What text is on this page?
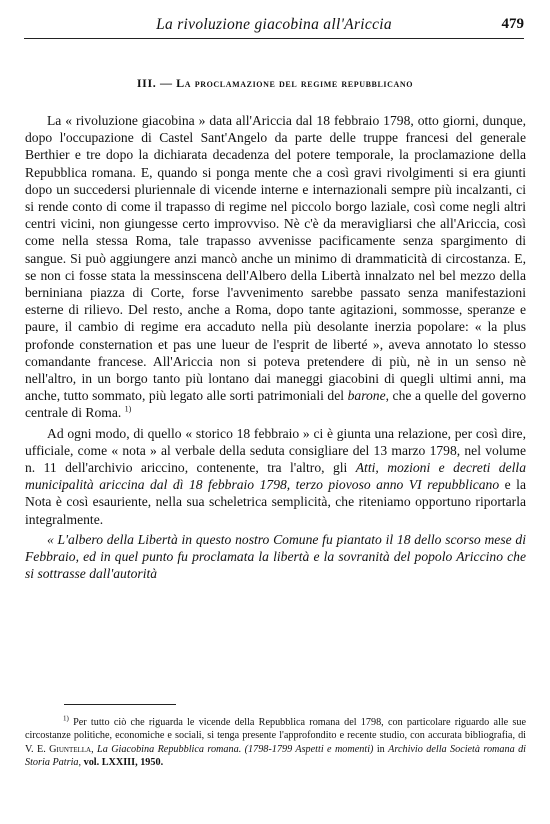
La rivoluzione giacobina all'Ariccia	479
III. — La proclamazione del regime repubblicano

La « rivoluzione giacobina » data all'Ariccia dal 18 febbraio 1798, otto giorni, dunque, dopo l'occupazione di Castel Sant'Angelo da parte delle truppe francesi del generale Berthier e tre dopo la dichiarata decadenza del potere temporale, la proclamazione della Repubblica romana. E, quando si ponga mente che a così gravi rivolgimenti si era giunti dopo un succedersi pluriennale di vicende interne e internazionali sempre più incalzanti, ci si rende conto di come il trapasso di regime nel piccolo borgo laziale, così come negli altri centri vicini, non giungesse certo improvviso. Nè c'è da meravigliarsi che all'Ariccia, così come nella stessa Roma, tale trapasso avvenisse pacificamente senza spargimento di sangue. Si può aggiungere anzi mancò anche un minimo di drammaticità di circostanza. E, se non ci fosse stata la messinscena dell'Albero della Libertà innalzato nel bel mezzo della berniniana piazza di Corte, forse l'avvenimento sarebbe passato senza manifestazioni esterne di rilievo. Del resto, anche a Roma, dopo tante agitazioni, sommosse, speranze e paure, il cambio di regime era accaduto nella più desolante inerzia popolare: « la plus profonde consternation et pas une lueur de l'esprit de liberté », aveva annotato lo stesso comandante francese. All'Ariccia non si poteva pretendere di più, nè in un senso nè nell'altro, in un borgo tanto più lontano dai maneggi giacobini di quegli ultimi anni, ma anche, tutto sommato, più legato alle sorti patrimoniali del barone, che a quelle del governo centrale di Roma. $^{1)}$

Ad ogni modo, di quello « storico 18 febbraio » ci è giunta una relazione, per così dire, ufficiale, come « nota » al verbale della seduta consigliare del 13 marzo 1798, nel volume n. 11 dell'archivio ariccino, contenente, tra l'altro, gli Atti, mozioni e decreti della municipalità ariccina dal dì 18 febbraio 1798, terzo piovoso anno VI repubblicano e la Nota è così esauriente, nella sua scheletrica semplicità, che riteniamo opportuno riportarla integralmente.

« L'albero della Libertà in questo nostro Comune fu piantato il 18 dello scorso mese di Febbraio, ed in quel punto fu proclamata la libertà e la sovranità del popolo Ariccino che si sottrasse dall'autorità

$^{1)}$ Per tutto ciò che riguarda le vicende della Repubblica romana del 1798, con particolare riguardo alle sue circostanze politiche, economiche e sociali, si tenga presente l'approfondito e recente studio, con accurata bibliografia, di V. E. Giuntella, La Giacobina Repubblica romana. (1798-1799 Aspetti e momenti) in Archivio della Società romana di Storia Patria, vol. LXXIII, 1950.
